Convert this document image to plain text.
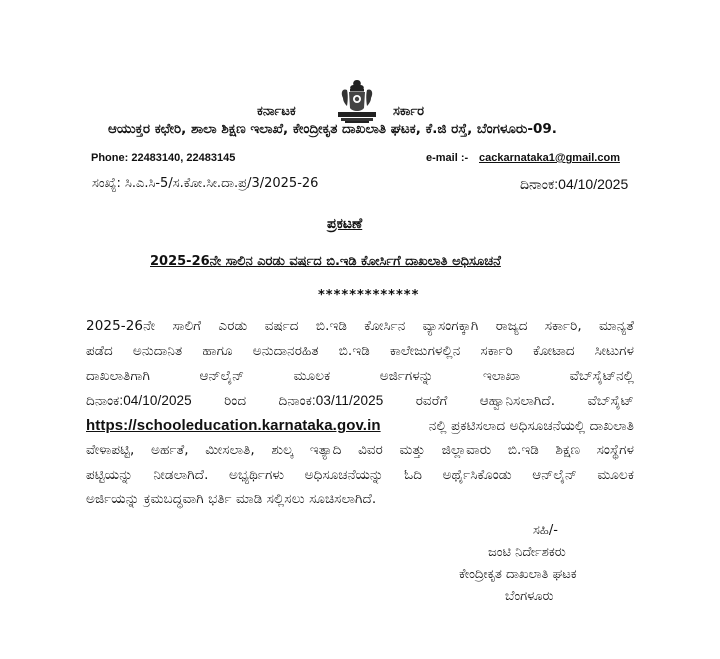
ಕರ್ನಾಟಕ	ಸರ್ಕಾರ
ಆಯುಕ್ತರ ಕಛೇರಿ, ಶಾಲಾ ಶಿಕ್ಷಣ ಇಲಾಖೆ, ಕೇಂದ್ರೀಕೃತ ದಾಖಲಾತಿ ಘಟಕ, ಕೆ.ಜಿ ರಸ್ತೆ, ಬೆಂಗಳೂರು-09.
Phone: 22483140, 22483145	e-mail :- cackarnataka1@gmail.com
ಸಂಖ್ಯೆ: ಸಿ.ಎ.ಸಿ-5/ಸ.ಕೋ.ಸೀ.ದಾ.ಪ್ರ/3/2025-26	ದಿನಾಂಕ:04/10/2025
ಪ್ರಕಟಣೆ
2025-26ನೇ ಸಾಲಿನ ಎರಡು ವರ್ಷದ ಬಿ.ಇಡಿ ಕೋರ್ಸಿಗೆ ದಾಖಲಾತಿ ಅಧಿಸೂಚನೆ
*************
2025-26ನೇ ಸಾಲಿಗೆ ಎರಡು ವರ್ಷದ ಬಿ.ಇಡಿ ಕೋರ್ಸಿನ ವ್ಯಾಸಂಗಕ್ಕಾಗಿ ರಾಜ್ಯದ ಸರ್ಕಾರಿ, ಮಾನ್ಯತೆ
ಪಡೆದ ಅನುದಾನಿತ ಹಾಗೂ ಅನುದಾನರಹಿತ ಬಿ.ಇಡಿ ಕಾಲೇಜುಗಳಲ್ಲಿನ ಸರ್ಕಾರಿ ಕೋಟಾದ ಸೀಟುಗಳ
ದಾಖಲಾತಿಗಾಗಿ ಆನ್‌ಲೈನ್ ಮೂಲಕ ಅರ್ಜಿಗಳನ್ನು ಇಲಾಖಾ ವೆಬ್‌ಸೈಟ್‌ನಲ್ಲಿ
ದಿನಾಂಕ:04/10/2025 ರಿಂದ ದಿನಾಂಕ:03/11/2025 ರವರೆಗೆ ಆಹ್ವಾನಿಸಲಾಗಿದೆ. ವೆಬ್‌ಸೈಟ್
https://schooleducation.karnataka.gov.in	ನಲ್ಲಿ ಪ್ರಕಟಿಸಲಾದ ಅಧಿಸೂಚನೆಯಲ್ಲಿ ದಾಖಲಾತಿ
ವೇಳಾಪಟ್ಟಿ, ಅರ್ಹತೆ, ಮೀಸಲಾತಿ, ಶುಲ್ಕ ಇತ್ಯಾದಿ ವಿವರ ಮತ್ತು ಜಿಲ್ಲಾವಾರು ಬಿ.ಇಡಿ ಶಿಕ್ಷಣ ಸಂಸ್ಥೆಗಳ
ಪಟ್ಟಿಯನ್ನು ನೀಡಲಾಗಿದೆ. ಅಭ್ಯರ್ಥಿಗಳು ಅಧಿಸೂಚನೆಯನ್ನು ಓದಿ ಅರ್ಥೈಸಿಕೊಂಡು ಆನ್‌ಲೈನ್ ಮೂಲಕ
ಅರ್ಜಿಯನ್ನು ಕ್ರಮಬದ್ಧವಾಗಿ ಭರ್ತಿ ಮಾಡಿ ಸಲ್ಲಿಸಲು ಸೂಚಿಸಲಾಗಿದೆ.
ಸಹಿ/-
ಜಂಟಿ ನಿರ್ದೇಶಕರು
ಕೇಂದ್ರೀಕೃತ ದಾಖಲಾತಿ ಘಟಕ
ಬೆಂಗಳೂರು
